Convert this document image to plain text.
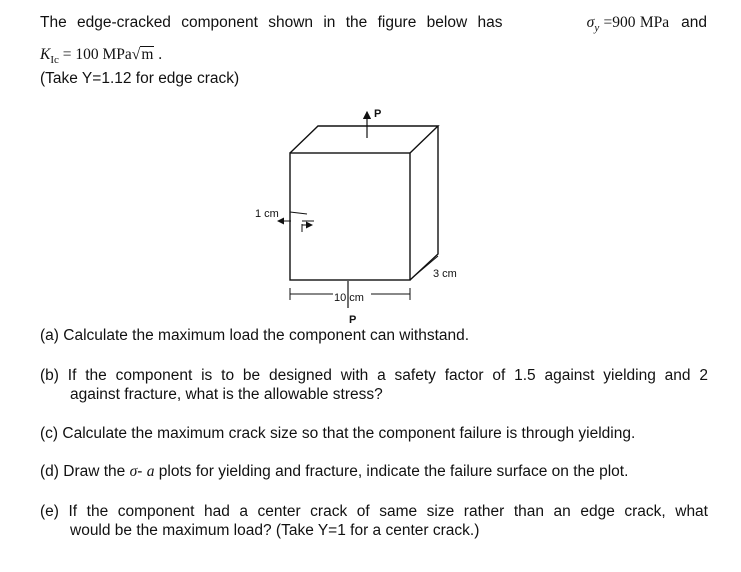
The edge-cracked component shown in the figure below has	$\sigma_y =900$ MPa and
$K_{Ic} = 100$ MPa√m .
(Take Y=1.12 for edge crack)
P
1 cm
3 cm
10 cm
P
(a) Calculate the maximum load the component can withstand.
(b) If the component is to be designed with a safety factor of 1.5 against yielding and 2
against fracture, what is the allowable stress?
(c) Calculate the maximum crack size so that the component failure is through yielding.
(d) Draw the σ- a plots for yielding and fracture, indicate the failure surface on the plot.
(e) If the component had a center crack of same size rather than an edge crack, what
would be the maximum load? (Take Y=1 for a center crack.)
